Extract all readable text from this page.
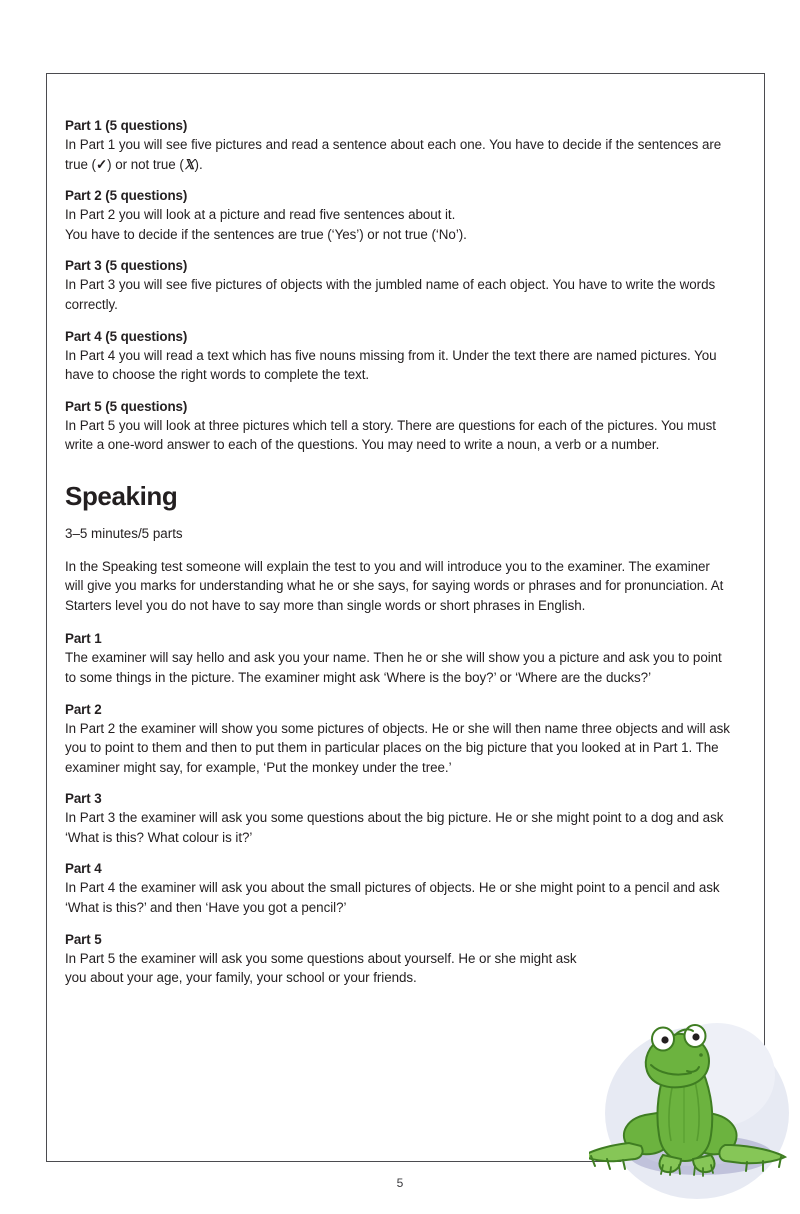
Part 1 (5 questions)

In Part 1 you will see five pictures and read a sentence about each one. You have to decide if the sentences are true (✓) or not true (𝕏).

Part 2 (5 questions)

In Part 2 you will look at a picture and read five sentences about it.
You have to decide if the sentences are true (‘Yes’) or not true (‘No’).

Part 3 (5 questions)

In Part 3 you will see five pictures of objects with the jumbled name of each object. You have to write the words correctly.

Part 4 (5 questions)

In Part 4 you will read a text which has five nouns missing from it. Under the text there are named pictures. You have to choose the right words to complete the text.

Part 5 (5 questions)

In Part 5 you will look at three pictures which tell a story. There are questions for each of the pictures. You must write a one-word answer to each of the questions. You may need to write a noun, a verb or a number.

Speaking

3–5 minutes/5 parts

In the Speaking test someone will explain the test to you and will introduce you to the examiner. The examiner will give you marks for understanding what he or she says, for saying words or phrases and for pronunciation. At Starters level you do not have to say more than single words or short phrases in English.

Part 1

The examiner will say hello and ask you your name. Then he or she will show you a picture and ask you to point to some things in the picture. The examiner might ask ‘Where is the boy?’ or ‘Where are the ducks?’

Part 2

In Part 2 the examiner will show you some pictures of objects. He or she will then name three objects and will ask you to point to them and then to put them in particular places on the big picture that you looked at in Part 1. The examiner might say, for example, ‘Put the monkey under the tree.’

Part 3

In Part 3 the examiner will ask you some questions about the big picture. He or she might point to a dog and ask ‘What is this? What colour is it?’

Part 4

In Part 4 the examiner will ask you about the small pictures of objects. He or she might point to a pencil and ask ‘What is this?’ and then ‘Have you got a pencil?’

Part 5

In Part 5 the examiner will ask you some questions about yourself. He or she might ask you about your age, your family, your school or your friends.

5
